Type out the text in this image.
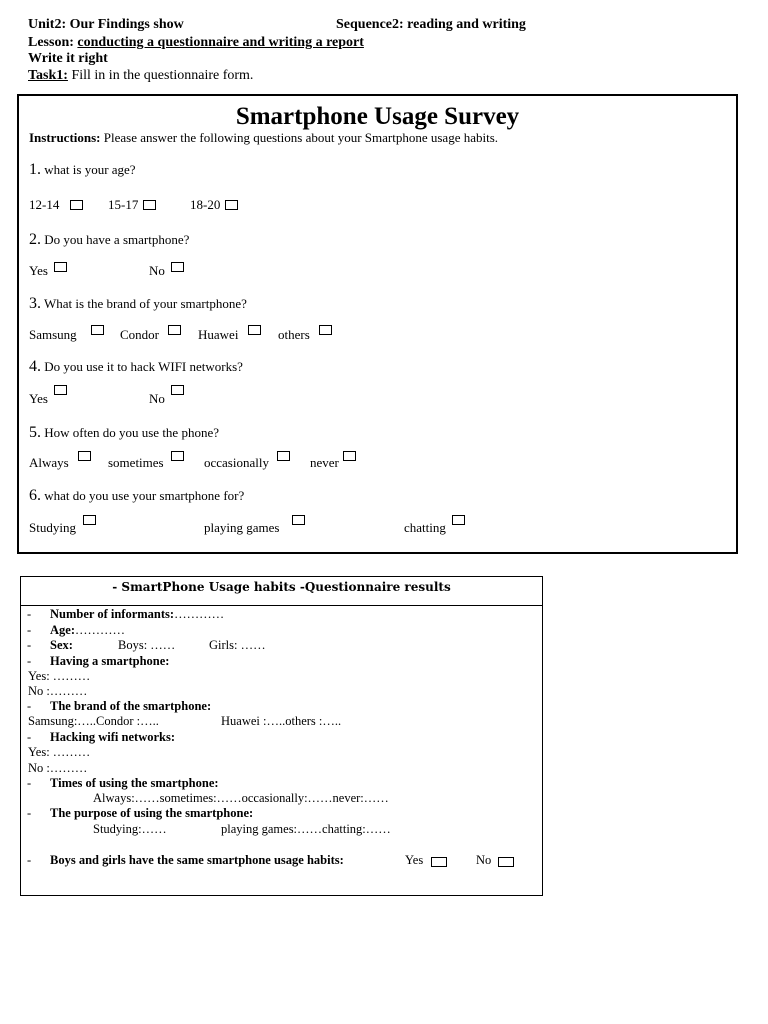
Unit2: Our Findings show	Sequence2: reading and writing
Lesson: conducting a questionnaire and writing a report
Write it right
Task1: Fill in in the questionnaire form.
Smartphone Usage Survey
Instructions: Please answer the following questions about your Smartphone usage habits.
1. what is your age?
12-14	15-17	18-20
2. Do you have a smartphone?
Yes	No
3. What is the brand of your smartphone?
Samsung	Condor	Huawei	others
4. Do you use it to hack WIFI networks?
Yes	No
5. How often do you use the phone?
Always	sometimes	occasionally	never
6. what do you use your smartphone for?
Studying	playing games	chatting
- SmartPhone Usage habits -Questionnaire results
- Number of informants:…………
- Age:…………
- Sex:	Boys: ……	Girls: ……
- Having a smartphone:
Yes: ………
No :………
- The brand of the smartphone:
Samsung:…..Condor :…..	Huawei :…..others :…..
- Hacking wifi networks:
Yes: ………
No :………
- Times of using the smartphone:
Always:……sometimes:……occasionally:……never:……
- The purpose of using the smartphone:
Studying:……	playing games:……chatting:……
- Boys and girls have the same smartphone usage habits:	Yes	No
